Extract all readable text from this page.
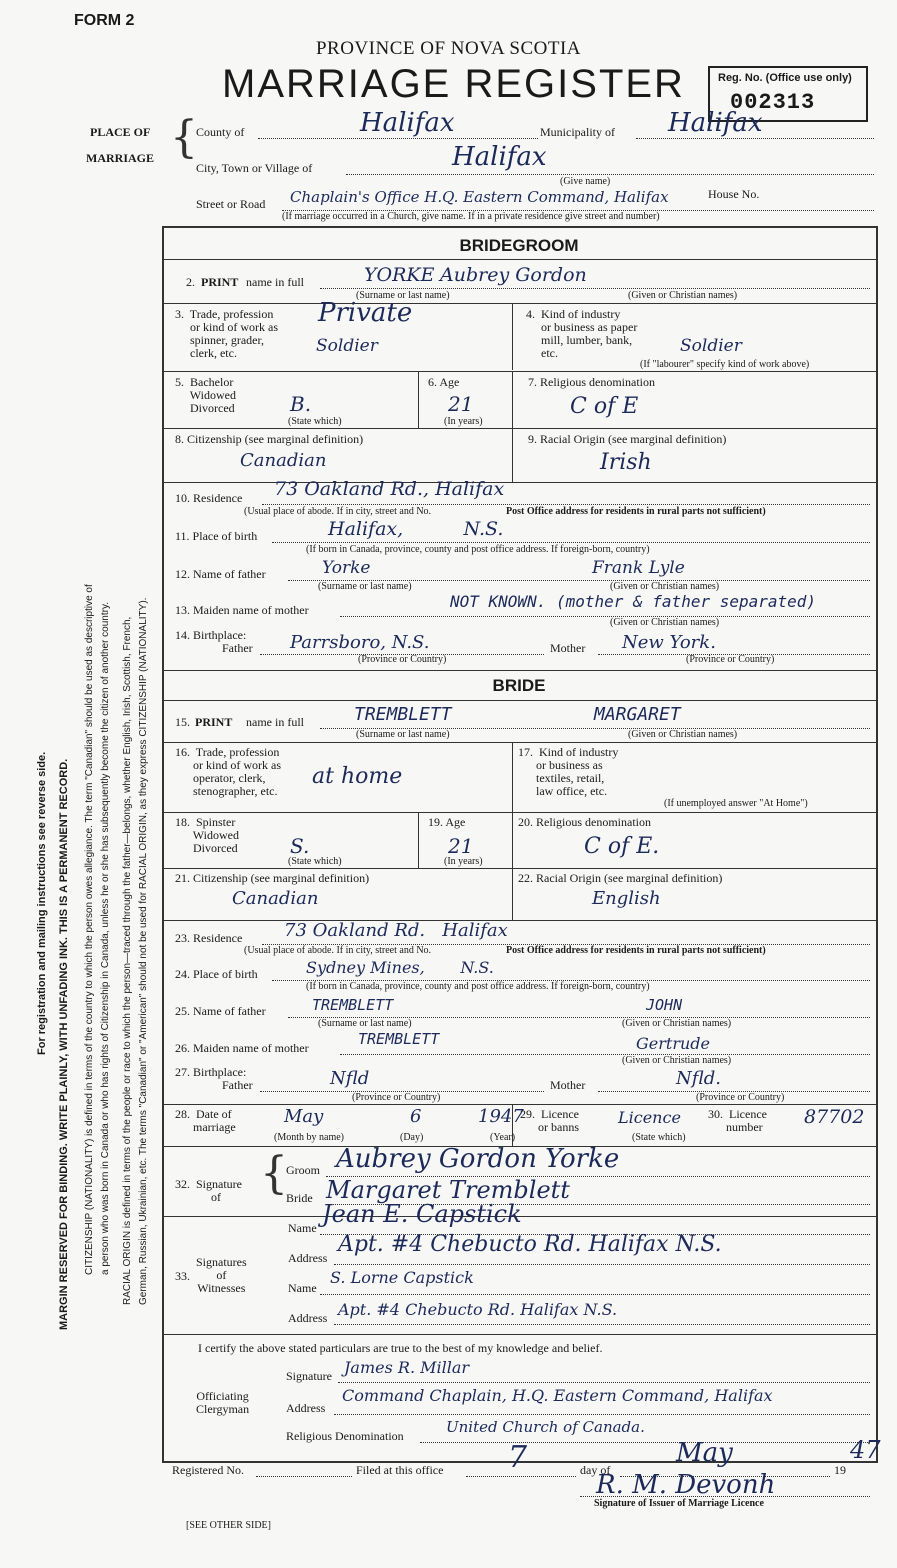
FORM 2
PROVINCE OF NOVA SCOTIA
MARRIAGE REGISTER	Reg. No. (Office use only)
002313
MARGIN RESERVED FOR BINDING. WRITE PLAINLY, WITH UNFADING INK. THIS IS A PERMANENT RECORD.
For registration and mailing instructions see reverse side.	CITIZENSHIP (NATIONALITY) is defined in terms of the country to which the person owes allegiance. The term "Canadian" should be used as descriptive of a person who was born in Canada or who has rights of Citizenship in Canada, unless he or she has subsequently become the citizen of another country. RACIAL ORIGIN is defined in terms of the people or race to which the person—traced through the father—belongs, whether English, Irish, Scottish, French, German, Russian, Ukrainian, etc. The terms "Canadian" or "American" should not be used for RACIAL ORIGIN, as they express CITIZENSHIP (NATIONALITY).
PLACE OF
MARRIAGE {
County of	Halifax	Municipality of Halifax
City, Town or Village of	Halifax
(Give name)
House No.
Street or Road Chaplain's Office H.Q. Eastern Command, Halifax
(If marriage occurred in a Church, give name. If in a private residence give street and number)
BRIDEGROOM
2. PRINT name in full	YORKE Aubrey Gordon
(Surname or last name)	(Given or Christian names)
3.  Trade, profession
or kind of work as
spinner, grader,
clerk, etc.
Private
Soldier
4.  Kind of industry
or business as paper
mill, lumber, bank,
etc.	Soldier
(If "labourer" specify kind of work above)
5.  Bachelor
Widowed
Divorced	B.
(State which)
6. Age
21
(In years)
7. Religious denomination
C of E
8. Citizenship (see marginal definition)
Canadian
9. Racial Origin (see marginal definition)
Irish
10. Residence 73 Oakland Rd., Halifax
(Usual place of abode. If in city, street and No.	Post Office address for residents in rural parts not sufficient)
11. Place of birth	Halifax,          N.S.
(If born in Canada, province, county and post office address. If foreign-born, country)
12. Name of father	Yorke	Frank Lyle
(Surname or last name)	(Given or Christian names)
13. Maiden name of mother	NOT KNOWN. (mother & father separated)
(Given or Christian names)
14. Birthplace:
Father Parrsboro, N.S.
(Province or Country)
Mother New York.
(Province or Country)
BRIDE
15. PRINT name in full	TREMBLETT	MARGARET
(Surname or last name)	(Given or Christian names)
16.  Trade, profession
or kind of work as
operator, clerk,
stenographer, etc.
at home
17.  Kind of industry
or business as
textiles, retail,
law office, etc.
(If unemployed answer "At Home")
18.  Spinster
Widowed
Divorced	S.
(State which)
19. Age
21
(In years)
20. Religious denomination
C of E.
21. Citizenship (see marginal definition)
Canadian
22. Racial Origin (see marginal definition)
English
23. Residence 73 Oakland Rd.   Halifax
(Usual place of abode. If in city, street and No.	Post Office address for residents in rural parts not sufficient)
24. Place of birth	Sydney Mines,       N.S.
(If born in Canada, province, county and post office address. If foreign-born, country)
25. Name of father	TREMBLETT	JOHN
(Surname or last name)	(Given or Christian names)
26. Maiden name of mother	TREMBLETT	Gertrude
(Given or Christian names)
27. Birthplace:
Father	Nfld
(Province or Country)
Mother	Nfld.
(Province or Country)
28.  Date of
marriage	May	6	1947
(Month by name)	(Day)	(Year)
29.  Licence
or banns Licence
(State which)
30.  Licence
number 87702
32.  Signature
of {
Groom Aubrey Gordon Yorke
Bride Margaret Tremblett
33.
Signatures
of
Witnesses
Name Jean E. Capstick
Address
Apt. #4 Chebucto Rd. Halifax N.S.
Name
S. Lorne Capstick
Address Apt. #4 Chebucto Rd. Halifax N.S.
I certify the above stated particulars are true to the best of my knowledge and belief.
Officiating
Clergyman
Signature James R. Millar
Address
Command Chaplain, H.Q. Eastern Command, Halifax
Religious Denomination	United Church of Canada.
Registered No.	Filed at this office 7	day of
May
19
47
R. M. Devonh
Signature of Issuer of Marriage Licence
[SEE OTHER SIDE]
